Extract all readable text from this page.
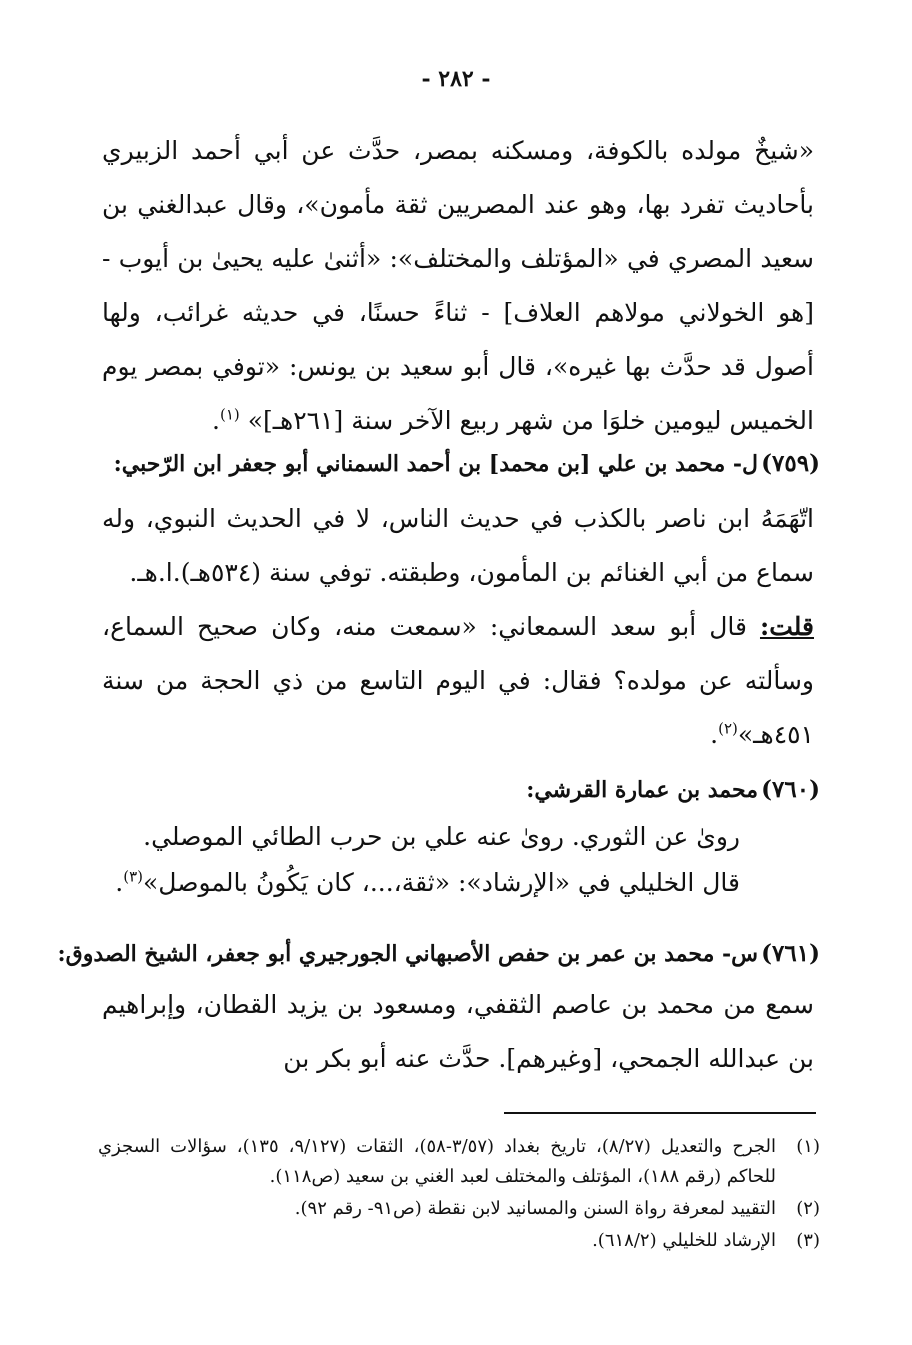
- ٢٨٢ -

«شيخٌ مولده بالكوفة، ومسكنه بمصر، حدَّث عن أبي أحمد الزبيري بأحاديث تفرد بها، وهو عند المصريين ثقة مأمون»، وقال عبدالغني بن سعيد المصري في «المؤتلف والمختلف»: «أثنىٰ عليه يحيىٰ بن أيوب - [هو الخولاني مولاهم العلاف] - ثناءً حسنًا، في حديثه غرائب، ولها أصول قد حدَّث بها غيره»، قال أبو سعيد بن يونس: «توفي بمصر يوم الخميس ليومين خلوَا من شهر ربيع الآخر سنة [٢٦١هـ]» $^{(١)}$.

(٧٥٩)ل- محمد بن علي [بن محمد] بن أحمد السمناني أبو جعفر ابن الرّحبي:

اتّهَمَهُ ابن ناصر بالكذب في حديث الناس، لا في الحديث النبوي، وله سماع من أبي الغنائم بن المأمون، وطبقته. توفي سنة (٥٣٤هـ).ا.هـ.

قلت: قال أبو سعد السمعاني: «سمعت منه، وكان صحيح السماع، وسألته عن مولده؟ فقال: في اليوم التاسع من ذي الحجة من سنة ٤٥١هـ»$^{(٢)}$.

(٧٦٠)محمد بن عمارة القرشي:

روىٰ عن الثوري. روىٰ عنه علي بن حرب الطائي الموصلي.

قال الخليلي في «الإرشاد»: «ثقة،...، كان يَكُونُ بالموصل»$^{(٣)}$.

(٧٦١)س- محمد بن عمر بن حفص الأصبهاني الجورجيري أبو جعفر، الشيخ الصدوق:

سمع من محمد بن عاصم الثقفي، ومسعود بن يزيد القطان، وإبراهيم بن عبدالله الجمحي، [وغيرهم]. حدَّث عنه أبو بكر بن

(١)
الجرح والتعديل (٨/٢٧)، تاريخ بغداد (٣/٥٧-٥٨)، الثقات (٩/١٢٧، ١٣٥)، سؤالات السجزي للحاكم (رقم ١٨٨)، المؤتلف والمختلف لعبد الغني بن سعيد (ص١١٨).
(٢)
التقييد لمعرفة رواة السنن والمسانيد لابن نقطة (ص٩١- رقم ٩٢).
(٣)
الإرشاد للخليلي (٦١٨/٢).
